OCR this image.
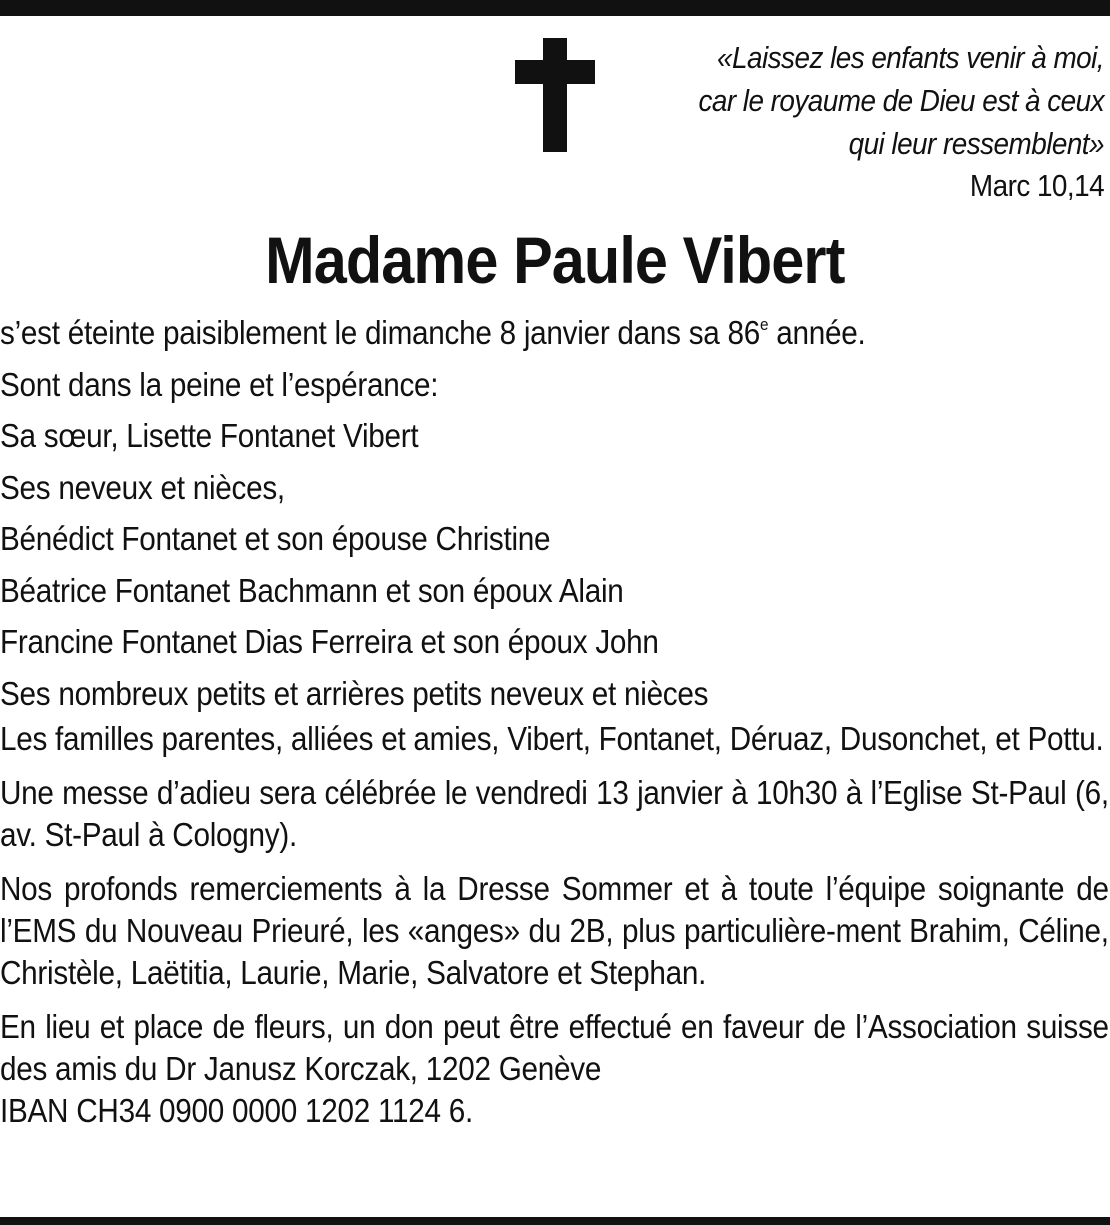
«Laissez les enfants venir à moi,
car le royaume de Dieu est à ceux
qui leur ressemblent»
Marc 10,14
Madame Paule Vibert
s’est éteinte paisiblement le dimanche 8 janvier dans sa 86e année.
Sont dans la peine et l’espérance:
Sa sœur, Lisette Fontanet Vibert
Ses neveux et nièces,
Bénédict Fontanet et son épouse Christine
Béatrice Fontanet Bachmann et son époux Alain
Francine Fontanet Dias Ferreira et son époux John
Ses nombreux petits et arrières petits neveux et nièces

Les familles parentes, alliées et amies, Vibert, Fontanet, Déruaz, Dusonchet, et Pottu.

Une messe d’adieu sera célébrée le vendredi 13 janvier à 10h30 à l’Eglise St-Paul (6, av. St-Paul à Cologny).

Nos profonds remerciements à la Dresse Sommer et à toute l’équipe soignante de l’EMS du Nouveau Prieuré, les «anges» du 2B, plus particulière-ment Brahim, Céline, Christèle, Laëtitia, Laurie, Marie, Salvatore et Stephan.

En lieu et place de fleurs, un don peut être effectué en faveur de l’Association suisse des amis du Dr Janusz Korczak, 1202 Genève

IBAN CH34 0900 0000 1202 1124 6.
